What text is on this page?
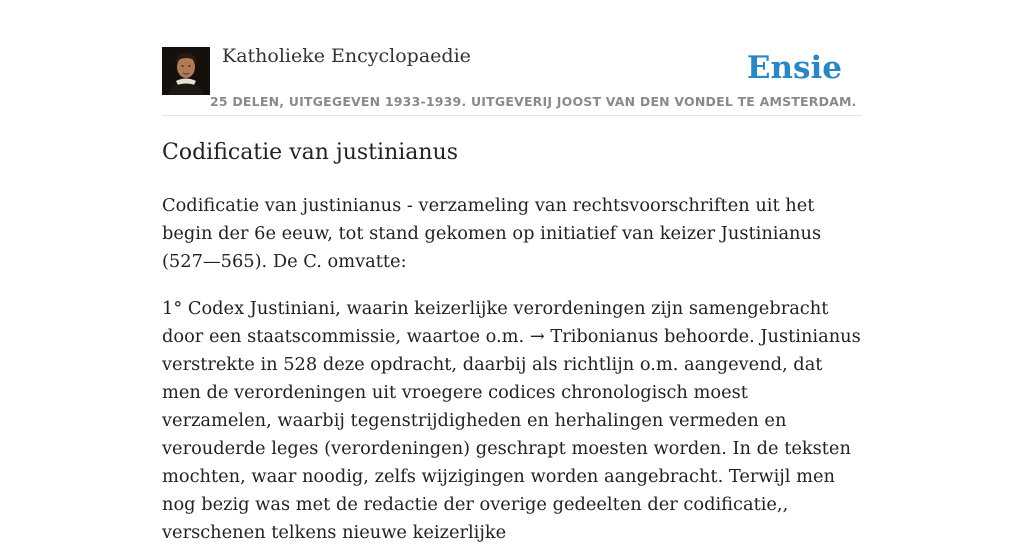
Katholieke Encyclopaedie	Ensie
25 DELEN, UITGEGEVEN 1933-1939. UITGEVERIJ JOOST VAN DEN VONDEL TE AMSTERDAM.
Codificatie van justinianus

Codificatie van justinianus - verzameling van rechtsvoorschriften uit het begin der 6e eeuw, tot stand gekomen op initiatief van keizer Justinianus (527—565). De C. omvatte:

1° Codex Justiniani, waarin keizerlijke verordeningen zijn samengebracht door een staatscommissie, waartoe o.m. → Tribonianus behoorde. Justinianus verstrekte in 528 deze opdracht, daarbij als richtlijn o.m. aangevend, dat men de verordeningen uit vroegere codices chronologisch moest verzamelen, waarbij tegenstrijdigheden en herhalingen vermeden en verouderde leges (verordeningen) geschrapt moesten worden. In de teksten mochten, waar noodig, zelfs wijzigingen worden aangebracht. Terwijl men nog bezig was met de redactie der overige gedeelten der codificatie,, verschenen telkens nieuwe keizerlijke
